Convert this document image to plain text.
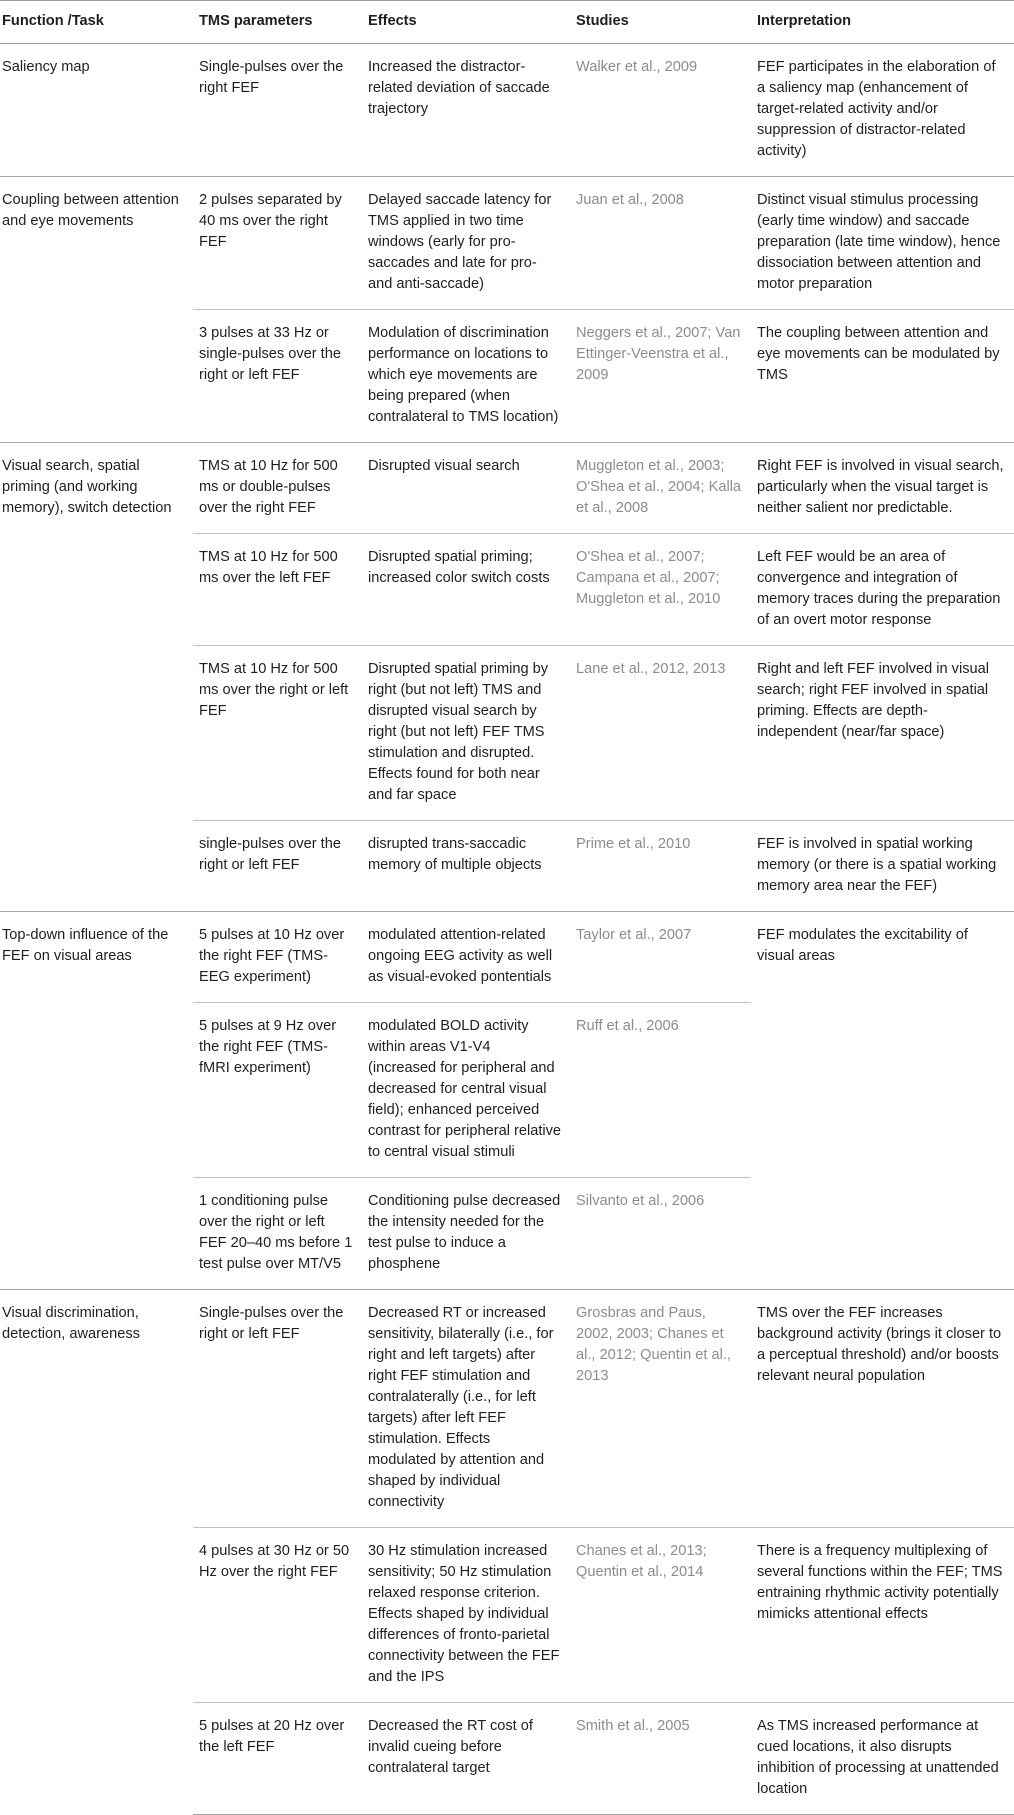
Function /Task	TMS parameters	Effects	Studies	Interpretation
Saliency map	Single-pulses over the right FEF	Increased the distractor-related deviation of saccade trajectory	Walker et al., 2009	FEF participates in the elaboration of a saliency map (enhancement of target-related activity and/or suppression of distractor-related activity)
Coupling between attention and eye movements	2 pulses separated by 40 ms over the right FEF	Delayed saccade latency for TMS applied in two time windows (early for pro-saccades and late for pro- and anti-saccade)	Juan et al., 2008	Distinct visual stimulus processing (early time window) and saccade preparation (late time window), hence dissociation between attention and motor preparation
	3 pulses at 33 Hz or single-pulses over the right or left FEF	Modulation of discrimination performance on locations to which eye movements are being prepared (when contralateral to TMS location)	Neggers et al., 2007; Van Ettinger-Veenstra et al., 2009	The coupling between attention and eye movements can be modulated by TMS
Visual search, spatial priming (and working memory), switch detection	TMS at 10 Hz for 500 ms or double-pulses over the right FEF	Disrupted visual search	Muggleton et al., 2003; O'Shea et al., 2004; Kalla et al., 2008	Right FEF is involved in visual search, particularly when the visual target is neither salient nor predictable.
	TMS at 10 Hz for 500 ms over the left FEF	Disrupted spatial priming; increased color switch costs	O'Shea et al., 2007; Campana et al., 2007; Muggleton et al., 2010	Left FEF would be an area of convergence and integration of memory traces during the preparation of an overt motor response
	TMS at 10 Hz for 500 ms over the right or left FEF	Disrupted spatial priming by right (but not left) TMS and disrupted visual search by right (but not left) FEF TMS stimulation and disrupted. Effects found for both near and far space	Lane et al., 2012, 2013	Right and left FEF involved in visual search; right FEF involved in spatial priming. Effects are depth-independent (near/far space)
	single-pulses over the right or left FEF	disrupted trans-saccadic memory of multiple objects	Prime et al., 2010	FEF is involved in spatial working memory (or there is a spatial working memory area near the FEF)
Top-down influence of the FEF on visual areas	5 pulses at 10 Hz over the right FEF (TMS-EEG experiment)	modulated attention-related ongoing EEG activity as well as visual-evoked pontentials	Taylor et al., 2007	FEF modulates the excitability of visual areas
	5 pulses at 9 Hz over the right FEF (TMS-fMRI experiment)	modulated BOLD activity within areas V1-V4 (increased for peripheral and decreased for central visual field); enhanced perceived contrast for peripheral relative to central visual stimuli	Ruff et al., 2006	
	1 conditioning pulse over the right or left FEF 20–40 ms before 1 test pulse over MT/V5	Conditioning pulse decreased the intensity needed for the test pulse to induce a phosphene	Silvanto et al., 2006	
Visual discrimination, detection, awareness	Single-pulses over the right or left FEF	Decreased RT or increased sensitivity, bilaterally (i.e., for right and left targets) after right FEF stimulation and contralaterally (i.e., for left targets) after left FEF stimulation. Effects modulated by attention and shaped by individual connectivity	Grosbras and Paus, 2002, 2003; Chanes et al., 2012; Quentin et al., 2013	TMS over the FEF increases background activity (brings it closer to a perceptual threshold) and/or boosts relevant neural population
	4 pulses at 30 Hz or 50 Hz over the right FEF	30 Hz stimulation increased sensitivity; 50 Hz stimulation relaxed response criterion. Effects shaped by individual differences of fronto-parietal connectivity between the FEF and the IPS	Chanes et al., 2013; Quentin et al., 2014	There is a frequency multiplexing of several functions within the FEF; TMS entraining rhythmic activity potentially mimicks attentional effects
	5 pulses at 20 Hz over the left FEF	Decreased the RT cost of invalid cueing before contralateral target	Smith et al., 2005	As TMS increased performance at cued locations, it also disrupts inhibition of processing at unattended location
